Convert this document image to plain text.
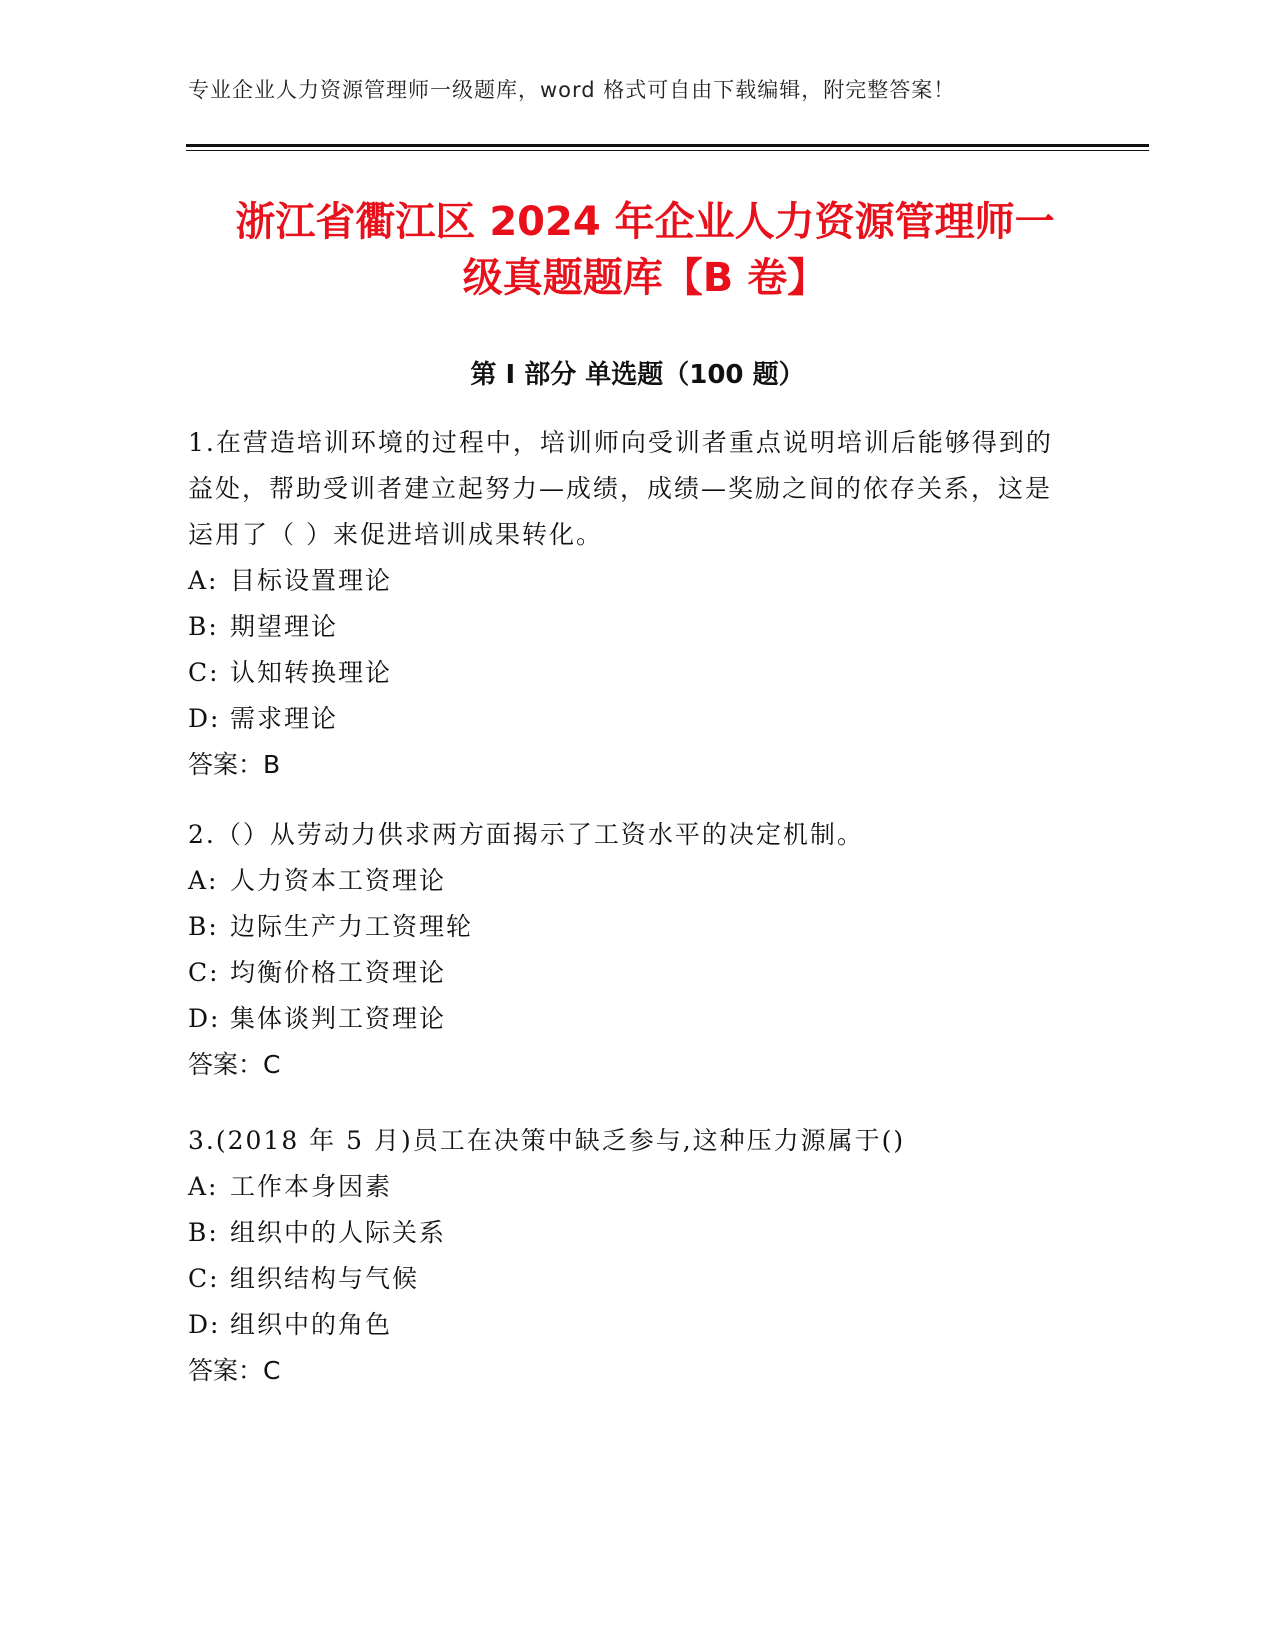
专业企业人力资源管理师一级题库，word 格式可自由下载编辑，附完整答案！
浙江省衢江区 2024 年企业人力资源管理师一
级真题题库【B 卷】
第 I 部分 单选题（100 题）

1.在营造培训环境的过程中，培训师向受训者重点说明培训后能够得到的益处，帮助受训者建立起努力—成绩，成绩—奖励之间的依存关系，这是运用了（ ）来促进培训成果转化。

A: 目标设置理论

B: 期望理论

C: 认知转换理论

D: 需求理论

答案：B

2.（）从劳动力供求两方面揭示了工资水平的决定机制。

A: 人力资本工资理论

B: 边际生产力工资理轮

C: 均衡价格工资理论

D: 集体谈判工资理论

答案：C

3.(2018 年 5 月)员工在决策中缺乏参与,这种压力源属于()

A: 工作本身因素

B: 组织中的人际关系

C: 组织结构与气候

D: 组织中的角色

答案：C
